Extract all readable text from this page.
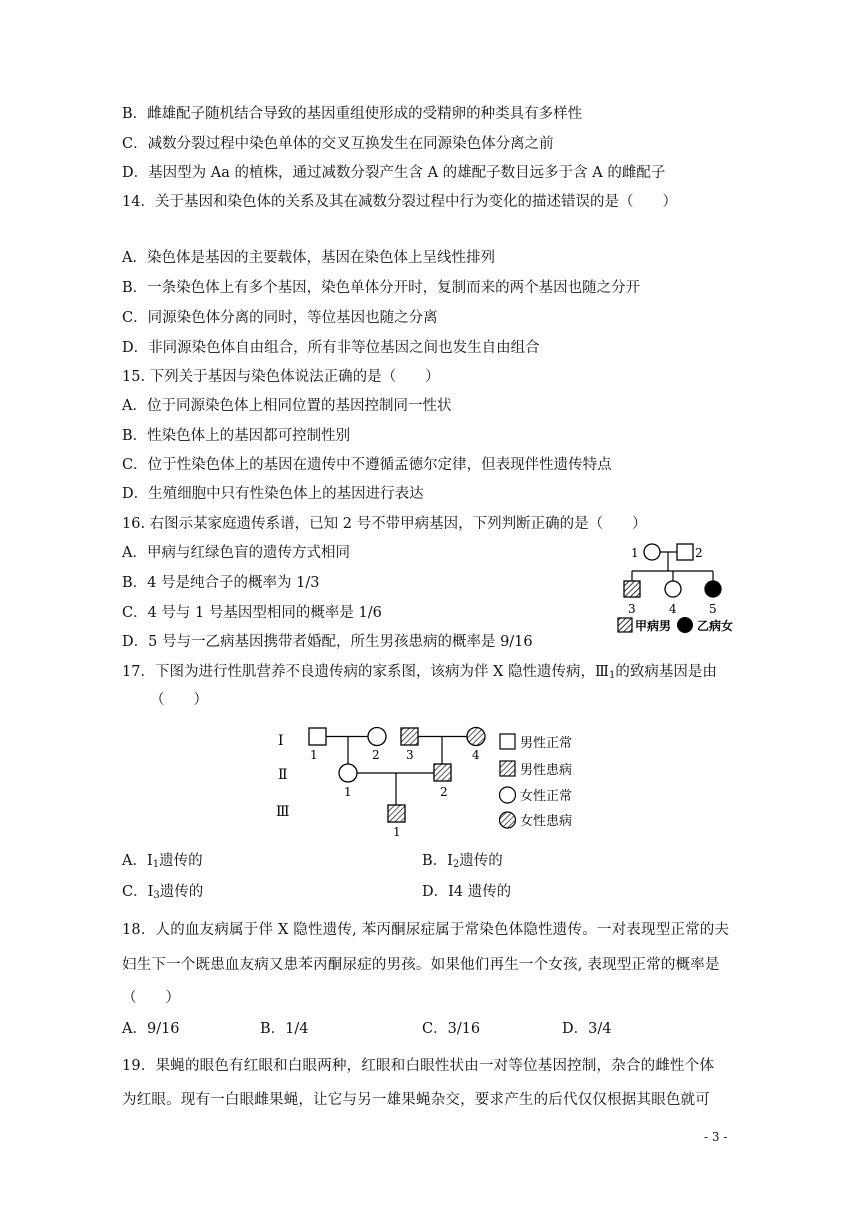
B．雌雄配子随机结合导致的基因重组使形成的受精卵的种类具有多样性
C．减数分裂过程中染色单体的交叉互换发生在同源染色体分离之前
D．基因型为 Aa 的植株，通过减数分裂产生含 A 的雄配子数目远多于含 A 的雌配子
14．关于基因和染色体的关系及其在减数分裂过程中行为变化的描述错误的是（　　）
A．染色体是基因的主要载体，基因在染色体上呈线性排列
B．一条染色体上有多个基因，染色单体分开时，复制而来的两个基因也随之分开
C．同源染色体分离的同时，等位基因也随之分离
D．非同源染色体自由组合，所有非等位基因之间也发生自由组合
15. 下列关于基因与染色体说法正确的是（　　）
A．位于同源染色体上相同位置的基因控制同一性状
B．性染色体上的基因都可控制性别
C．位于性染色体上的基因在遗传中不遵循孟德尔定律，但表现伴性遗传特点
D．生殖细胞中只有性染色体上的基因进行表达
16. 右图示某家庭遗传系谱，已知 2 号不带甲病基因，下列判断正确的是（　　）
A．甲病与红绿色盲的遗传方式相同
B．4 号是纯合子的概率为 1/3
C．4 号与 1 号基因型相同的概率是 1/6
D．5 号与一乙病基因携带者婚配，所生男孩患病的概率是 9/16
1	2
3	4	5
甲病男 乙病女
17．下图为进行性肌营养不良遗传病的家系图，该病为伴 X 隐性遗传病，$Ⅲ_1$的致病基因是由
（　　）
Ⅰ
Ⅱ
Ⅲ
1	2 3	4
1	2
1
男性正常
男性患病
女性正常
女性患病
A．$Ⅰ_1$遗传的	B．$Ⅰ_2$遗传的
C．$Ⅰ_3$遗传的	D．Ⅰ4 遗传的
18．人的血友病属于伴 X 隐性遗传, 苯丙酮尿症属于常染色体隐性遗传。一对表现型正常的夫
妇生下一个既患血友病又患苯丙酮尿症的男孩。如果他们再生一个女孩, 表现型正常的概率是
（　　）
A．9/16	B．1/4	C．3/16	D．3/4
19．果蝇的眼色有红眼和白眼两种，红眼和白眼性状由一对等位基因控制，杂合的雌性个体
为红眼。现有一白眼雌果蝇，让它与另一雄果蝇杂交，要求产生的后代仅仅根据其眼色就可
- 3 -
